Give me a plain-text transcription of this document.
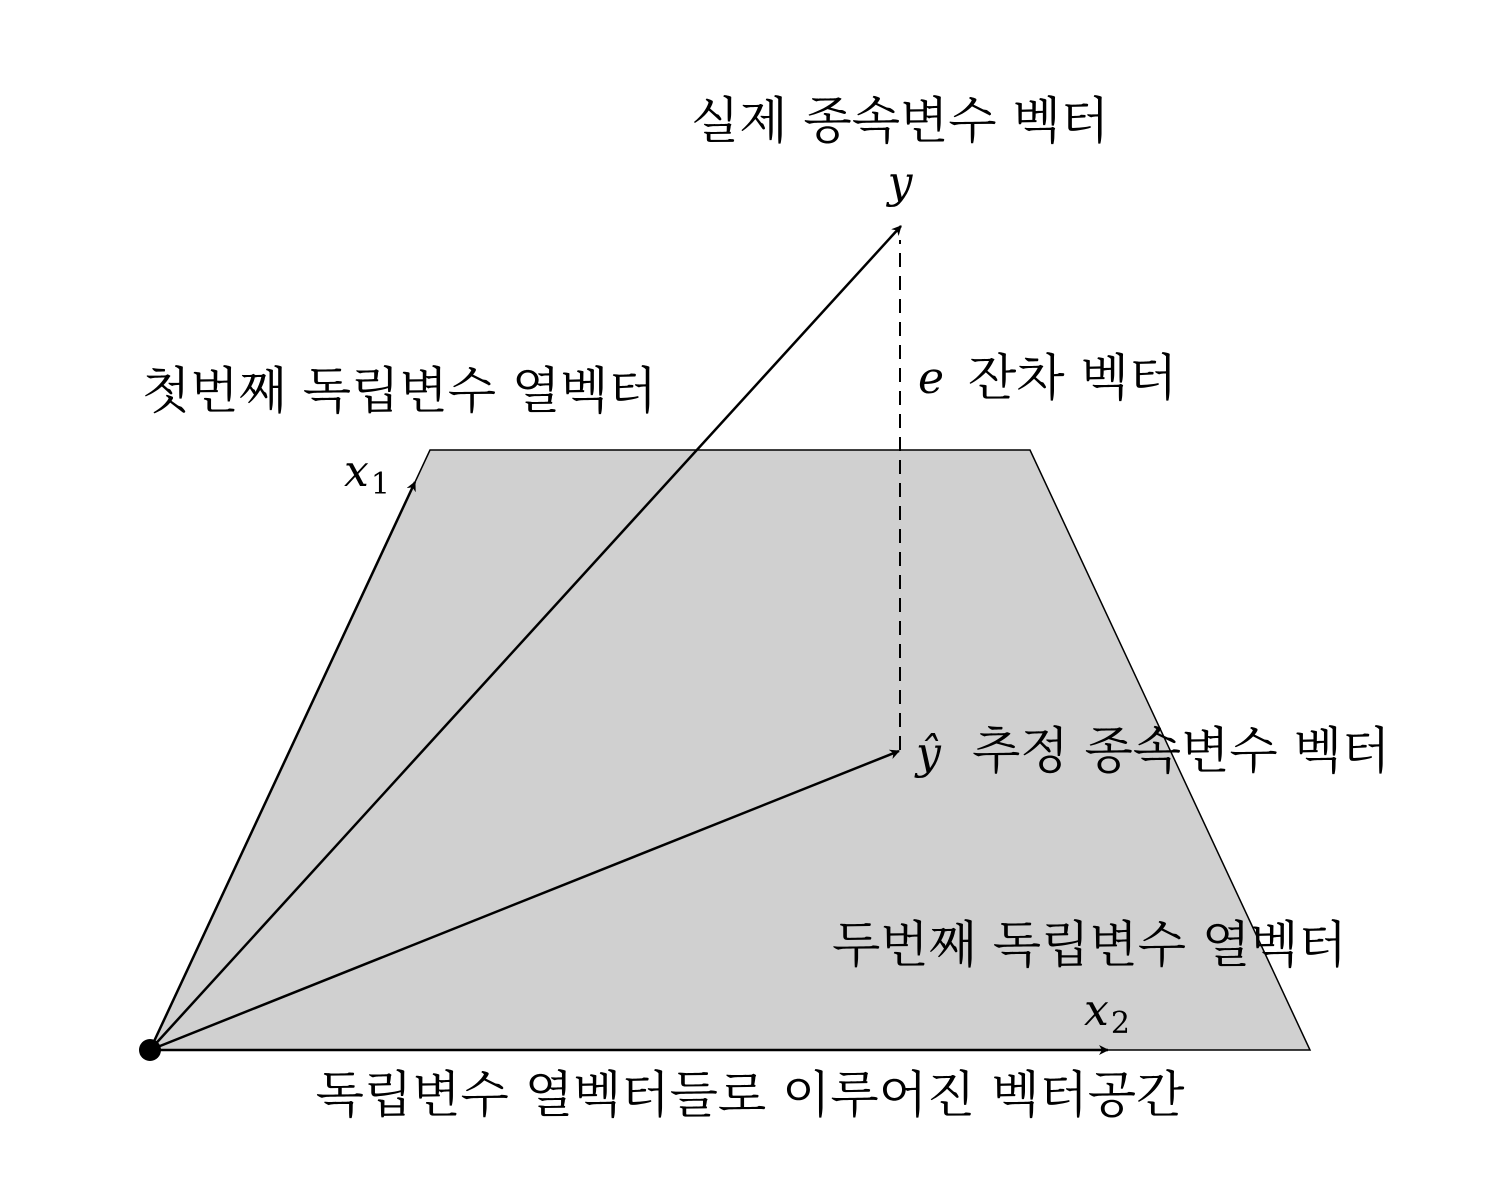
실제 종속변수 벡터
y
e 잔차 벡터
첫번째 독립변수 열벡터
x1
ŷ 추정 종속변수 벡터
두번째 독립변수 열벡터
x2
독립변수 열벡터들로 이루어진 벡터공간
